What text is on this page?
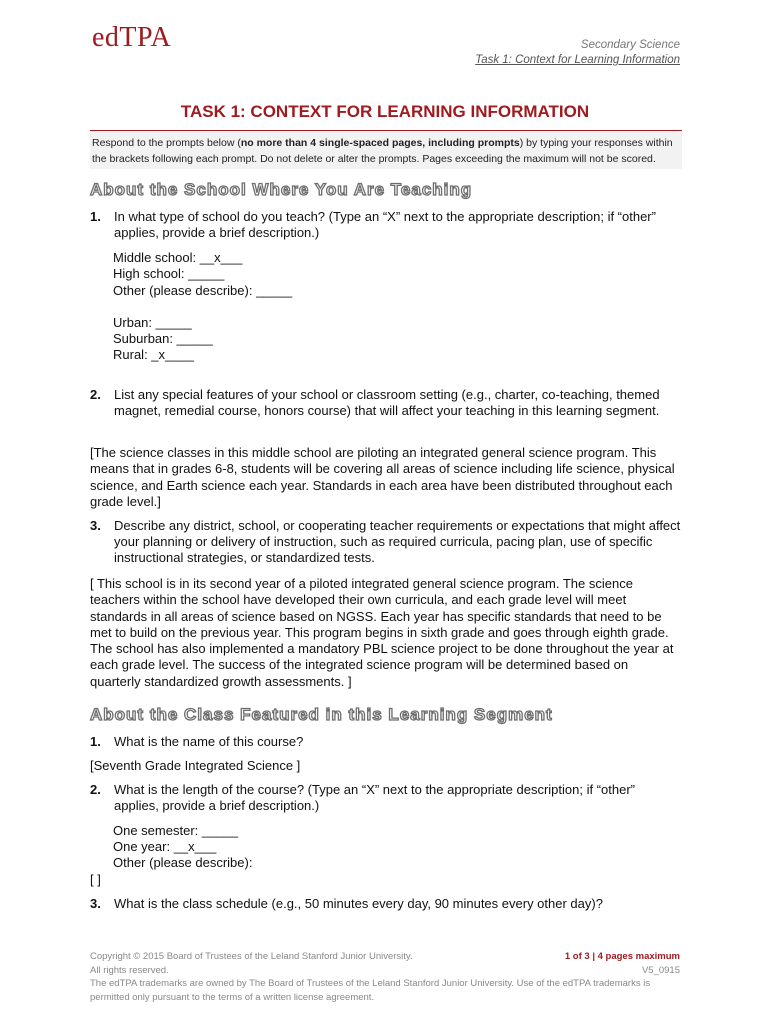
edTPA	Secondary Science
Task 1: Context for Learning Information
TASK 1: CONTEXT FOR LEARNING INFORMATION
Respond to the prompts below (no more than 4 single-spaced pages, including prompts) by typing your responses within the brackets following each prompt. Do not delete or alter the prompts. Pages exceeding the maximum will not be scored.
About the School Where You Are Teaching
1. In what type of school do you teach? (Type an “X” next to the appropriate description; if “other” applies, provide a brief description.)
Middle school: __x___
High school: _____
Other (please describe): _____
Urban: _____
Suburban: _____
Rural: _x____
2. List any special features of your school or classroom setting (e.g., charter, co-teaching, themed magnet, remedial course, honors course) that will affect your teaching in this learning segment.
[The science classes in this middle school are piloting an integrated general science program. This means that in grades 6-8, students will be covering all areas of science including life science, physical science, and Earth science each year. Standards in each area have been distributed throughout each grade level.]
3. Describe any district, school, or cooperating teacher requirements or expectations that might affect your planning or delivery of instruction, such as required curricula, pacing plan, use of specific instructional strategies, or standardized tests.
[ This school is in its second year of a piloted integrated general science program. The science teachers within the school have developed their own curricula, and each grade level will meet standards in all areas of science based on NGSS. Each year has specific standards that need to be met to build on the previous year. This program begins in sixth grade and goes through eighth grade. The school has also implemented a mandatory PBL science project to be done throughout the year at each grade level. The success of the integrated science program will be determined based on quarterly standardized growth assessments. ]
About the Class Featured in this Learning Segment
1. What is the name of this course?
[Seventh Grade Integrated Science ]
2. What is the length of the course? (Type an “X” next to the appropriate description; if “other” applies, provide a brief description.)
One semester: _____
One year: __x___
Other (please describe):
[ ]
3. What is the class schedule (e.g., 50 minutes every day, 90 minutes every other day)?
Copyright © 2015 Board of Trustees of the Leland Stanford Junior University.
All rights reserved.
The edTPA trademarks are owned by The Board of Trustees of the Leland Stanford Junior University. Use of the edTPA trademarks is permitted only pursuant to the terms of a written license agreement.
1 of 3 | 4 pages maximum
V5_0915
